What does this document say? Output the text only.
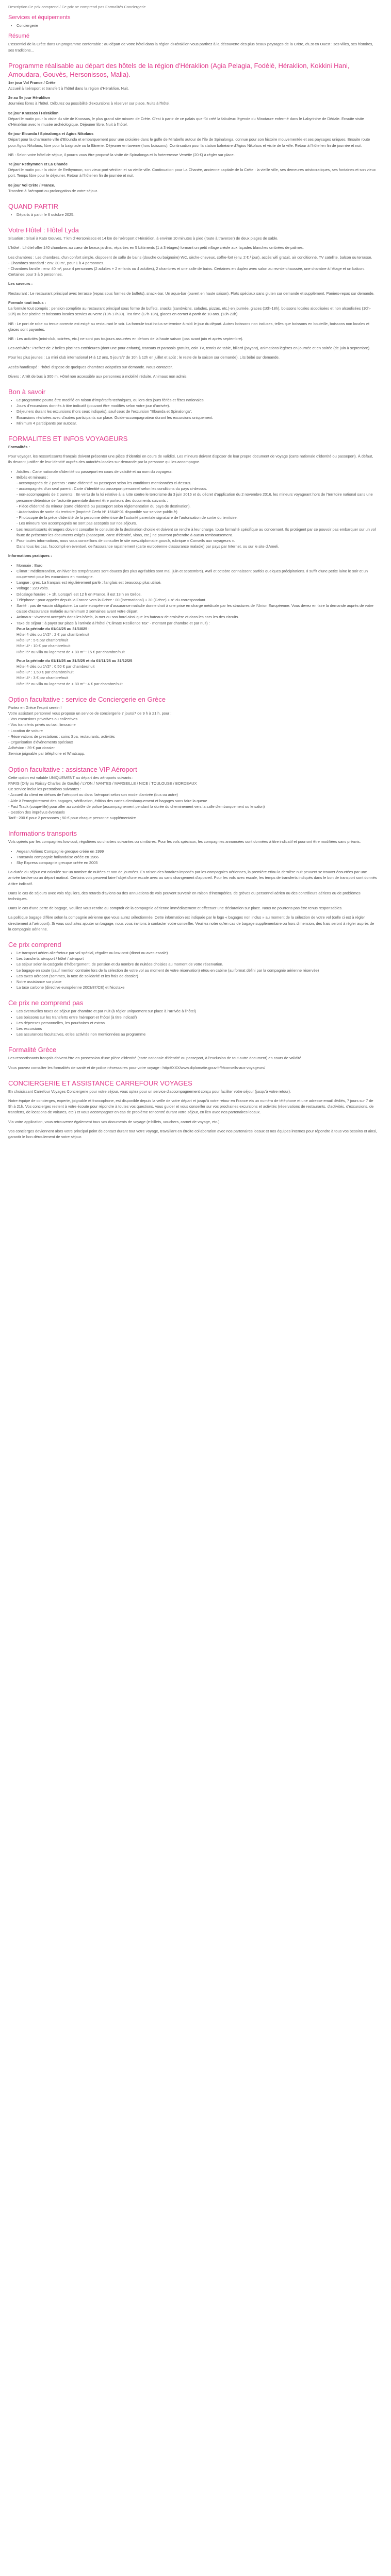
Description Ce prix comprend / Ce prix ne comprend pas Formalités Conciergerie
Services et équipements
• Conciergerie
Résumé

L'essentiel de la Crète dans un programme confortable : au départ de votre hôtel dans la région d'Héraklion vous partirez à la découverte des plus beaux paysages de la Crète, d'Est en Ouest : ses villes, ses histoires, ses traditions...

Programme réalisable au départ des hôtels de la région d'Héraklion (Agia Pelagia, Fodélé, Héraklion, Kokkini Hani, Amoudara, Gouvès, Hersonissos, Malia).

1er jour Vol France / Crète
Accueil à l'aéroport et transfert à l'hôtel dans la région d'Héraklion. Nuit.

2e au 5e jour Héraklion
Journées libres à l'hôtel. Débutez ou possibilité d'excursions à réserver sur place. Nuits à l'hôtel.

5e jour Knossos / Héraklion
Départ le matin pour la visite du site de Knossos, le plus grand site minoen de Crète. C'est à partir de ce palais que fût créé la fabuleux légende du Minotaure enfermé dans le Labyrinthe de Dédale. Ensuite visite d'Héraklion avec le musée archéologique. Déjeuner libre. Nuit à l'hôtel.

6e jour Elounda / Spinalonga et Agios Nikolaos
Départ pour la charmante ville d'Elounda et embarquement pour une croisière dans le golfe de Mirabello autour de l'île de Spinalonga, connue pour son histoire mouvementée et ses paysages uniques. Ensuite route pour Agios Nikolaos, libre pour la baignade ou la flânerie. Déjeuner en taverne (hors boissons). Continuation pour la station balnéaire d'Agios Nikolaos et visite de la ville. Retour à l'hôtel en fin de journée et nuit.

NB : Selon votre hôtel de séjour, il pourra vous être proposé la visite de Spinalonga et la fortereresse Venétie (20 €) à régler sur place.

7e jour Rethymnon et La Chanée
Départ le matin pour la visite de Rethymnon, son vieux port vénitien et sa vieille ville. Continuation pour La Chanée, ancienne capitale de la Crète : la vieille ville, ses demeures aristocratiques, ses fontaines et son vieux port. Temps libre pour le déjeuner. Retour à l'hôtel en fin de journée et nuit.

8e jour Vol Crète / France.
Transfert à l'aéroport ou prolongation de votre séjour.

QUAND PARTIR
• Départs à partir le 6 octobre 2025.
Votre Hôtel : Hôtel Lyda

Situation : Situé à Kato Gouves, 7 km d'Hersonissos et 14 km de l'aéroport d'Héraklion, à environ 10 minutes à pied (route à traverser) de deux plages de sable.

L'hôtel : L'hôtel offre 140 chambres au cœur de beaux jardins, réparties en 5 bâtiments (1 à 3 étages) formant un petit village créole aux façades blanches ombrées de palmes.

Les chambres : Les chambres, d'un confort simple, disposent de salle de bains (douche ou baignoire) WC, sèche-cheveux, coffre-fort (env. 2 € / jour), accès wifi gratuit, air conditionné, TV satellite, balcon ou terrasse.
- Chambres standard : env. 30 m², pour 1 à 4 personnes.
- Chambres famille : env. 40 m², pour 4 personnes (2 adultes + 2 enfants ou 4 adultes), 2 chambres et une salle de bains. Certaines en duplex avec salon au rez-de-chaussée, une chambre à l'étage et un balcon. Certaines pour 3 à 5 personnes.

Les saveurs :

Restaurant : Le restaurant principal avec terrasse (repas sous formes de buffets), snack-bar. Un aqua-bar (ouvert en haute saison). Plats spéciaux sans gluten sur demande et supplément. Paniers-repas sur demande.

Formule tout inclus :
La formule tout compris : pension complète au restaurant principal sous forme de buffets, snacks (sandwichs, salades, pizzas, etc.) en journée, glaces (10h-18h), boissons locales alcoolisées et non alcoolisées (10h-23h) au bar piscine et boissons locales servies au verre (10h-17h30). Tea time (17h-18h), glaces en cornet à partir de 10 ans. (13h-23h)

NB : Le port de robe ou tenue correcte est exigé au restaurant le soir. La formule tout inclus se termine à midi le jour du départ. Autres boissons non incluses, telles que boissons en bouteille, boissons non locales et glaces sont payantes.

NB : Les activités (mini-club, soirées, etc.) ne sont pas toujours assurées en dehors de la haute saison (pas avant juin et après septembre).

Les activités : Profitez de 2 belles piscines extérieures (dont une pour enfants), transats et parasols gratuits, coin TV, tennis de table, billard (payant), animations légères en journée et en soirée (de juin à septembre).

Pour les plus jeunes : La mini club international (4 à 12 ans, 5 jours/7 de 10h à 12h en juillet et août ; le reste de la saison sur demande). Lits bébé sur demande.

Accès handicapé : l'hôtel dispose de quelques chambres adaptées sur demande. Nous contacter.

Divers : Arrêt de bus à 300 m. Hôtel non accessible aux personnes à mobilité réduite. Animaux non admis.

Bon à savoir
• Le programme pourra être modifié en raison d'impératifs techniques, ou lors des jours fériés et fêtes nationales.
• Jours d'excursions donnés à titre indicatif (pouvant être modifiés selon votre jour d'arrivée).
• Déjeuners durant les excursions (hors ceux indiqués), sauf ceux de l'excursion "Elounda et Spinalonga".
• Excursions réalisées avec d'autres participants sur place. Guide-accompagnateur durant les excursions uniquement.
• Minimum 4 participants par autocar.
FORMALITES ET INFOS VOYAGEURS

Formalités :

Pour voyager, les ressortissants français doivent présenter une pièce d'identité en cours de validité. Les mineurs doivent disposer de leur propre document de voyage (carte nationale d'identité ou passeport). À défaut, ils devront justifier de leur identité auprès des autorités locales sur demande par la personne qui les accompagne.

• Adultes : Carte nationale d'identité ou passeport en cours de validité et au nom du voyageur.
• Bébés et mineurs :
- accompagnés de 2 parents : carte d'identité ou passeport selon les conditions mentionnées ci-dessus.
- accompagnés d'un seul parent : Carte d'identité ou passeport personnel selon les conditions du pays ci-dessus.
- non-accompagnés de 2 parents : En vertu de la loi relative à la lutte contre le terrorisme du 3 juin 2016 et du décret d'application du 2 novembre 2016, les mineurs voyageant hors de l'territoire national sans une personne détentrice de l'autorité parentale doivent être porteurs des documents suivants :
- Pièce d'identité du mineur (carte d'identité ou passeport selon réglementation du pays de destination).
- Autorisation de sortie du territoire (imprimé Cerfa N° 15646*01 disponible sur service-public.fr)
- Photocopie de la pièce d'identité de la personne détentrice de l'autorité parentale signataire de l'autorisation de sortie du territoire.
- Les mineurs non accompagnés ne sont pas acceptés sur nos séjours.
• Les ressortissants étrangers doivent consulter le consulat de la destination choisie et doivent se rendre à leur charge, toute formalité spécifique au concernant. Ils protègent par ce pouvoir pas embarquer sur un vol faute de présenter les documents exigés (passeport, carte d'identité, visas, etc.) ne pourront prétendre à aucun remboursement.
• Pour toutes informations, nous vous conseillons de consulter le site www.diplomatie.gouv.fr, rubrique « Conseils aux voyageurs ».
Dans tous les cas, l'accompli en éventuel, de l'assurance rapatriement (carte européenne d'assurance maladie) par pays par Internet, ou sur le site d'Ameli.

Informations pratiques :

• Monnaie : Euro
• Climat : méditerranéen, en hiver les températures sont douces (les plus agréables sont mai, juin et septembre). Avril et octobre connaissent parfois quelques précipitations. Il suffit d'une petite laine le soir et un coupe-vent pour les excursions en montagne.
• Langue : grec. La français est régulièrement parlé ; l'anglais est beaucoup plus utilisé.
• Voltage : 220 volts.
• Décalage horaire : + 1h. Lorsqu'il est 12 h en France, il est 13 h en Grèce.
• Téléphone : pour appeler depuis la France vers la Grèce : 00 (international) + 30 (Grèce) + n° du correspondant.
• Santé : pas de vaccin obligatoire. La carte européenne d'assurance maladie donne droit à une prise en charge médicale par les structures de l'Union Européenne. Vous devez en faire la demande auprès de votre caisse d'assurance maladie au minimum 2 semaines avant votre départ.
• Animaux : vivement acceptés dans les hôtels, la mer ou son bord ainsi que les bateaux de croisière et dans les cars les des circuits.
• Taxe de séjour : à payer sur place à l'arrivée à l'hôtel ("Climate Resilience Tax" - montant par chambre et par nuit) :
Pour la période du 01/04/25 au 31/10/25 :
Hôtel 4 clés ou 1*/2* : 2 € par chambre/nuit
Hôtel 3* : 5 € par chambre/nuit
Hôtel 4* : 10 € par chambre/nuit
Hôtel 5* ou villa ou logement de + 80 m² : 15 € par chambre/nuit
Pour la période du 01/11/25 au 31/3/25 et du 01/11/25 au 31/12/25
Hôtel 4 clés ou 1*/2* : 0,50 € par chambre/nuit
Hôtel 3* : 1,50 € par chambre/nuit
Hôtel 4* : 3 € par chambre/nuit
Hôtel 5* ou villa ou logement de + 80 m² : 4 € par chambre/nuit
Option facultative : service de Conciergerie en Grèce

Partez en Grèce l'esprit serein !
Votre assistant personnel vous propose un service de conciergerie 7 jours/7 de 9 h à 21 h, pour :
- Vos excursions privatives ou collectives
- Vos transferts privés ou taxi, limousine
- Location de voiture
- Réservations de prestations : soins Spa, restaurants, activités
- Organisation d'événements spéciaux
Adhésion : 39 € par dossier.
Service joignable par téléphone et Whatsapp.

Option facultative : assistance VIP Aéroport

Cette option est valable UNIQUEMENT au départ des aéroports suivants :
PARIS (Orly ou Roissy Charles de Gaulle) / LYON / NANTES / MARSEILLE / NICE / TOULOUSE / BORDEAUX
Ce service inclut les prestations suivantes :
- Accueil du client en dehors de l'aéroport ou dans l'aéroport selon son mode d'arrivée (bus ou autre)
- Aide à l'enregistrement des bagages, vérification, édition des cartes d'embarquement et bagages sans faire la queue
- Fast Track (coupe-file) pour aller au contrôle de police (accompagnement pendant la durée du cheminement vers la salle d'embarquement ou le salon)
- Gestion des imprévus éventuels
Tarif : 200 € pour 2 personnes ; 50 € pour chaque personne supplémentaire

Informations transports

Vols opérés par les compagnies low-cost, régulières ou charters suivantes ou similaires. Pour les vols spéciaux, les compagnies annoncées sont données à titre indicatif et pourront être modifiées sans préavis.

• Aegean Airlines Compagnie grecque créée en 1999
• Transavia compagnie hollandaise créée en 1966
• Sky Express compagnie grecque créée en 2005

La durée du séjour est calculée sur un nombre de nuitées et non de journées. En raison des horaires imposés par les compagnies aériennes, la première et/ou la dernière nuit peuvent se trouver écourtées par une arrivée tardive ou un départ matinal. Certains vols peuvent faire l'objet d'une escale avec ou sans changement d'appareil. Pour les vols avec escale, les temps de transferts indiqués dans le bon de transport sont donnés à titre indicatif.

Dans le cas de séjours avec vols réguliers, des retards d'avions ou des annulations de vols peuvent survenir en raison d'intempéries, de grèves du personnel aérien ou des contrôleurs aériens ou de problèmes techniques.

Dans le cas d'une perte de bagage, veuillez vous rendre au comptoir de la compagnie aérienne immédiatement et effectuer une déclaration sur place. Nous ne pourrons pas être tenus responsables.

La politique bagage diffère selon la compagnie aérienne que vous aurez sélectionnée. Cette information est indiquée par le logo « bagages non inclus » au moment de la sélection de votre vol (celle ci est à régler directement à l'aéroport). Si vous souhaitez ajouter un bagage, nous vous invitons à contacter votre conseiller. Veuillez noter qu'en cas de bagage supplémentaire ou hors dimension, des frais seront à régler auprès de la compagnie aérienne.

Ce prix comprend
• Le transport aérien aller/retour par vol spécial, régulier ou low-cost (direct ou avec escale)
• Les transferts aéroport / hôtel / aéroport
• Le séjour selon la catégorie d'hébergement, de pension et du nombre de nuitées choisies au moment de votre réservation.
• Le bagage en soute (sauf mention contraire lors de la sélection de votre vol au moment de votre réservation) et/ou en cabine (au format défini par la compagnie aérienne réservée)
• Les taxes aéroport (sommes, la taxe de solidarité et les frais de dossier)
• Notre assistance sur place
• La taxe carbone (directive européenne 2003/87/CE) et l'écotaxe
Ce prix ne comprend pas
• Les éventuelles taxes de séjour par chambre et par nuit (à régler uniquement sur place à l'arrivée à l'hôtel)
• Les boissons sur les transferts entre l'aéroport et l'hôtel (à titre indicatif)
• Les dépenses personnelles, les pourboires et extras
• Les excursions
• Les assurances facultatives, et les activités non mentionnées au programme
Formalité Grèce

Les ressortissants français doivent être en possession d'une pièce d'identité (carte nationale d'identité ou passeport, à l'exclusion de tout autre document) en cours de validité.

Vous pouvez consulter les formalités de santé et de police nécessaires pour votre voyage : http://XXX/www.diplomatie.gouv.fr/fr/conseils-aux-voyageurs/

CONCIERGERIE ET ASSISTANCE CARREFOUR VOYAGES

En choisissant Carrefour Voyages Conciergerie pour votre séjour, vous optez pour un service d'accompagnement conçu pour faciliter votre séjour (jusqu'à votre retour).

Notre équipe de concierges, experte, joignable et francophone, est disponible depuis la veille de votre départ et jusqu'à votre retour en France via un numéro de téléphone et une adresse email dédiés, 7 jours sur 7 de 9h à 21h. Vos concierges restent à votre écoute pour répondre à toutes vos questions, vous guider et vous conseiller sur vos prochaines excursions et activités (réservations de restaurants, d'activités, d'excursions, de transferts, de locations de voitures, etc.) et vous accompagner en cas de problème rencontré durant votre séjour, en lien avec nos partenaires locaux.

Via votre application, vous retrouverez également tous vos documents de voyage (e-billets, vouchers, carnet de voyage, etc.).

Vos concierges deviennent alors votre principal point de contact durant tout votre voyage, travaillant en étroite collaboration avec nos partenaires locaux et nos équipes internes pour répondre à tous vos besoins et ainsi, garantir le bon déroulement de votre séjour.
